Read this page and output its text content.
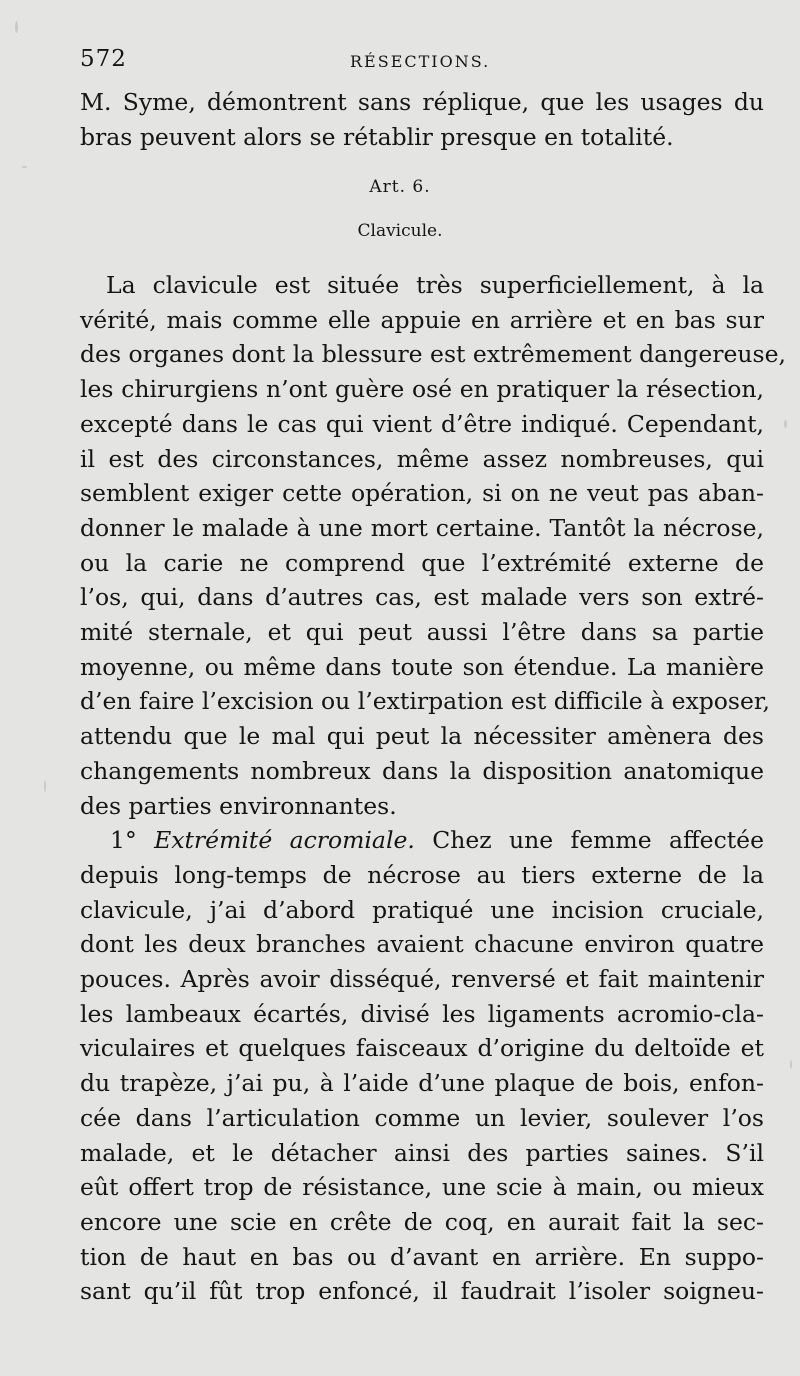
572	RÉSECTIONS.
M. Syme, démontrent sans réplique, que les usages du
bras peuvent alors se rétablir presque en totalité.
Art. 6.
Clavicule.
La clavicule est située très superficiellement, à la
vérité, mais comme elle appuie en arrière et en bas sur
des organes dont la blessure est extrêmement dangereuse,
les chirurgiens n’ont guère osé en pratiquer la résection,
excepté dans le cas qui vient d’être indiqué. Cependant,
il est des circonstances, même assez nombreuses, qui
semblent exiger cette opération, si on ne veut pas aban-
donner le malade à une mort certaine. Tantôt la nécrose,
ou la carie ne comprend que l’extrémité externe de
l’os, qui, dans d’autres cas, est malade vers son extré-
mité sternale, et qui peut aussi l’être dans sa partie
moyenne, ou même dans toute son étendue. La manière
d’en faire l’excision ou l’extirpation est difficile à exposer,
attendu que le mal qui peut la nécessiter amènera des
changements nombreux dans la disposition anatomique
des parties environnantes.
1° Extrémité acromiale. Chez une femme affectée
depuis long-temps de nécrose au tiers externe de la
clavicule, j’ai d’abord pratiqué une incision cruciale,
dont les deux branches avaient chacune environ quatre
pouces. Après avoir disséqué, renversé et fait maintenir
les lambeaux écartés, divisé les ligaments acromio-cla-
viculaires et quelques faisceaux d’origine du deltoïde et
du trapèze, j’ai pu, à l’aide d’une plaque de bois, enfon-
cée dans l’articulation comme un levier, soulever l’os
malade, et le détacher ainsi des parties saines. S’il
eût offert trop de résistance, une scie à main, ou mieux
encore une scie en crête de coq, en aurait fait la sec-
tion de haut en bas ou d’avant en arrière. En suppo-
sant qu’il fût trop enfoncé, il faudrait l’isoler soigneu-
